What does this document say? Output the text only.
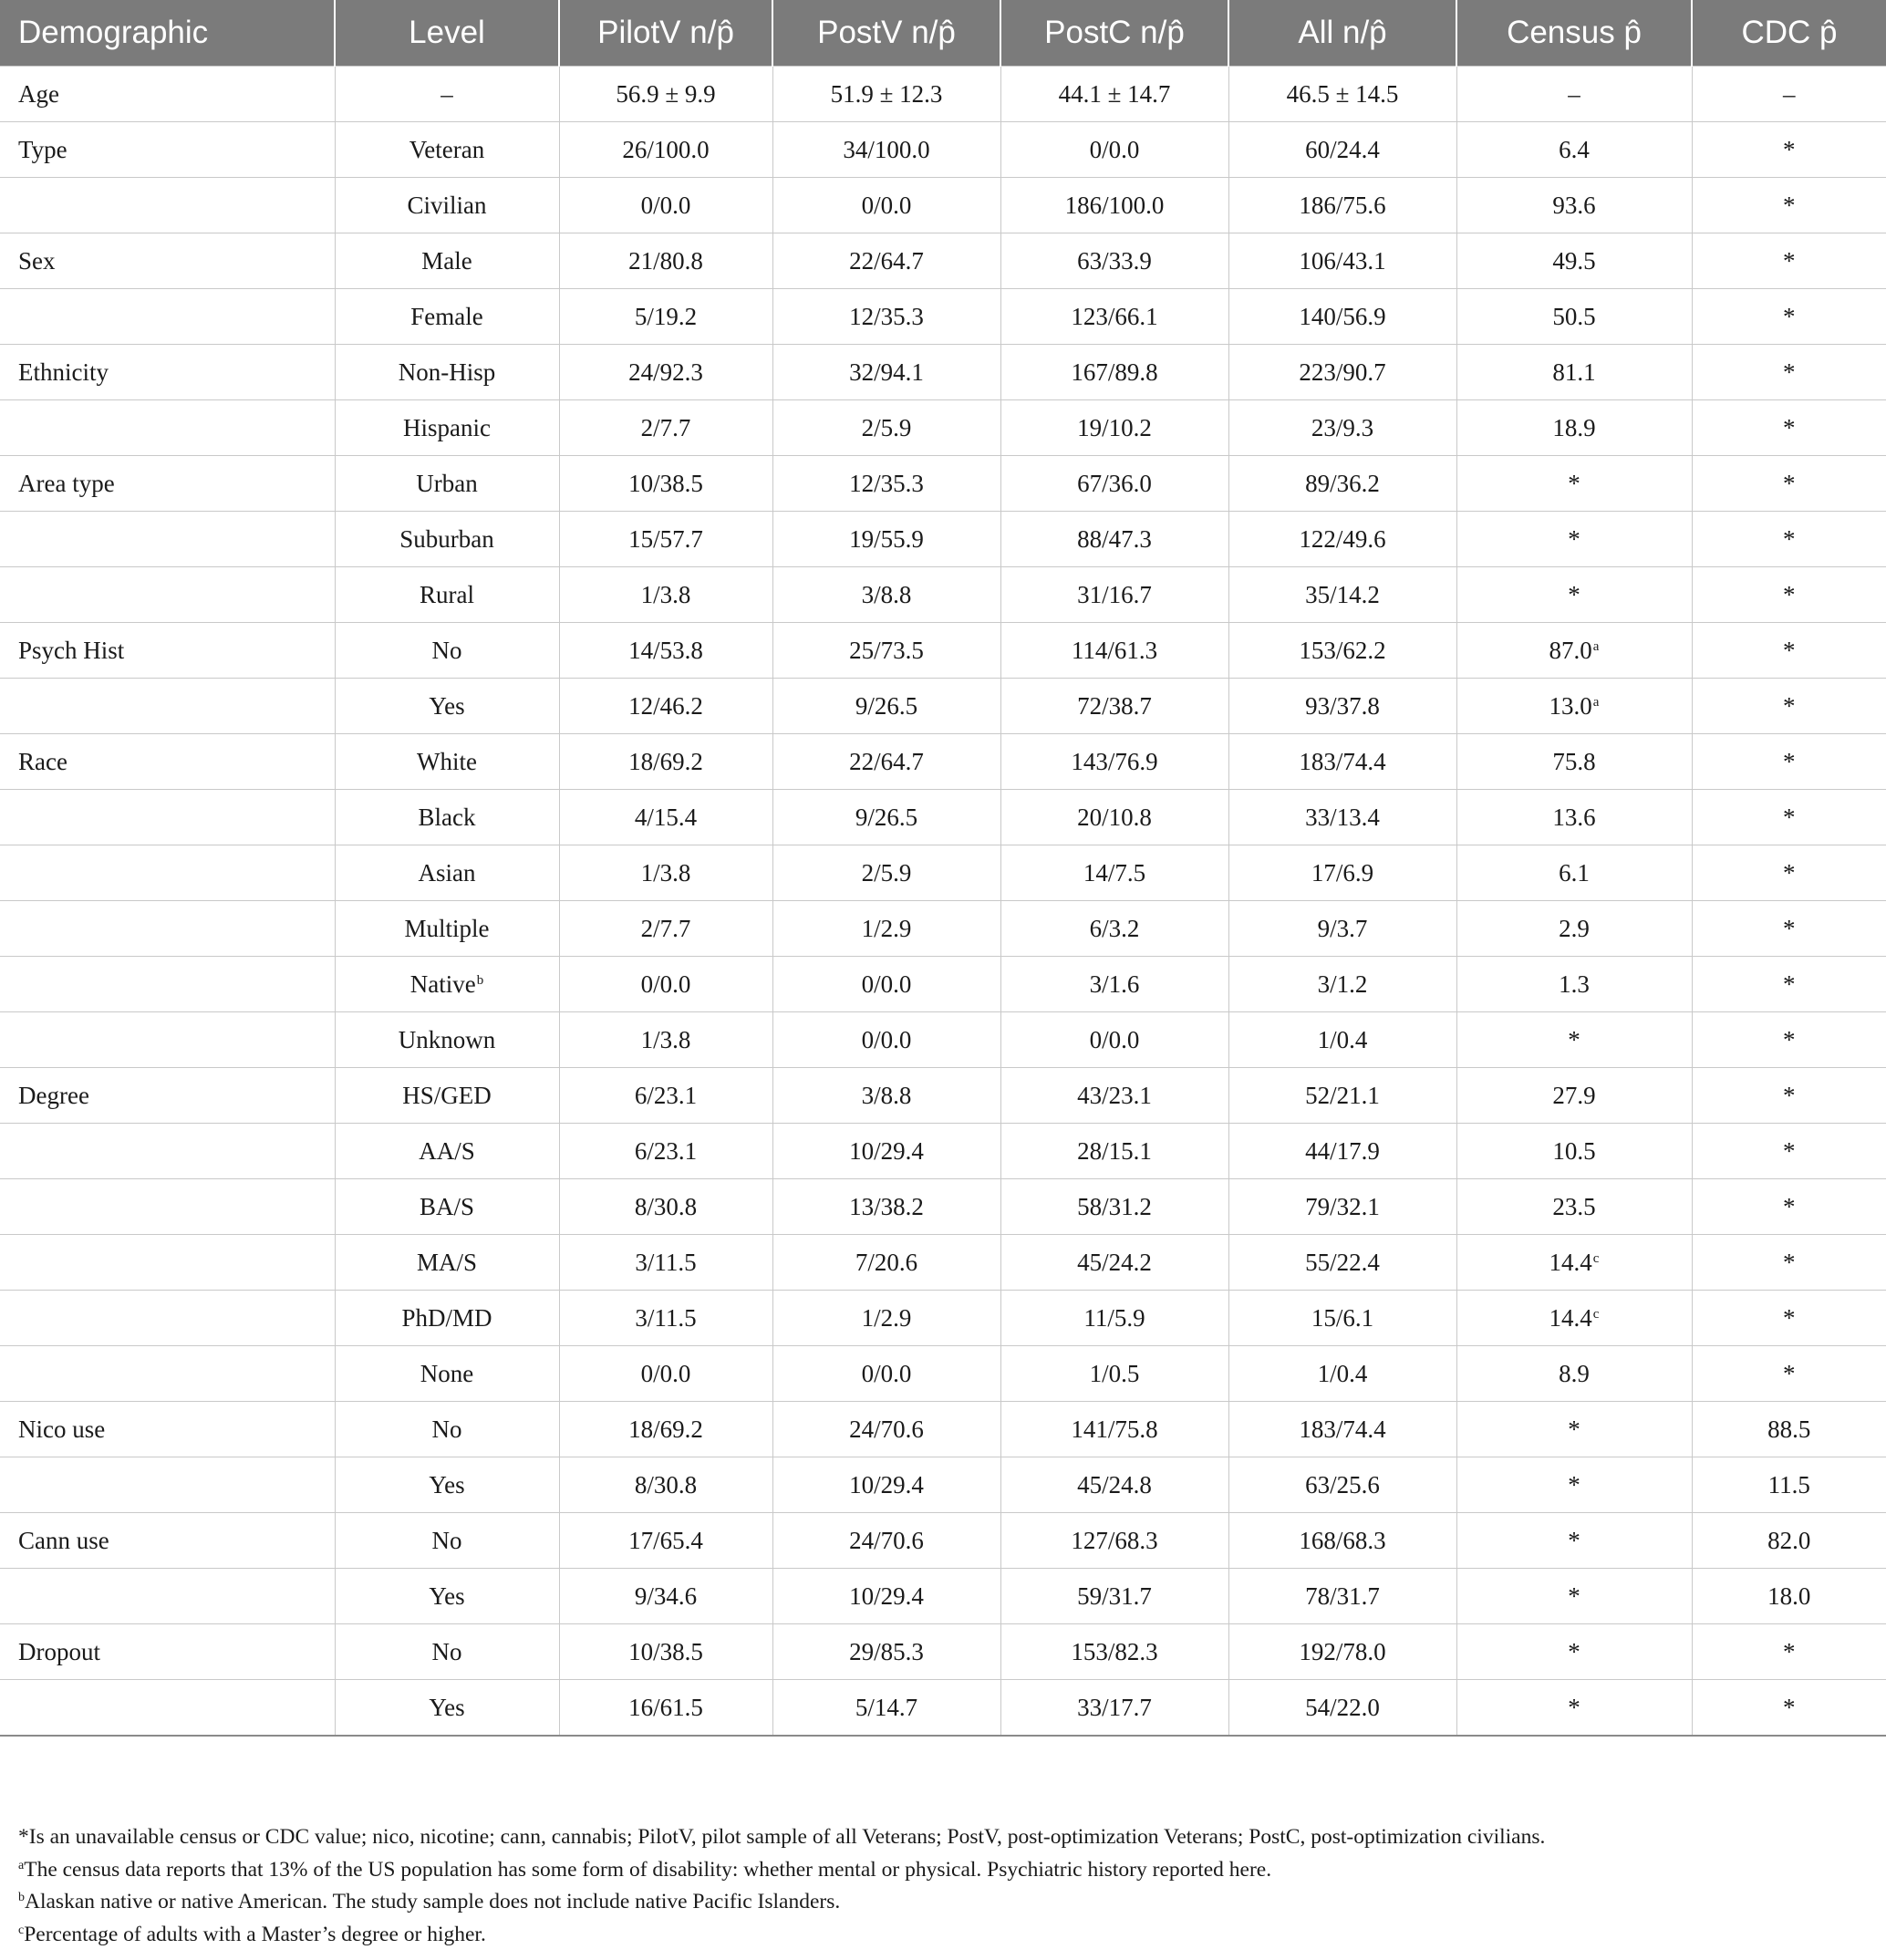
Demographic	Level	PilotV n/p̂	PostV n/p̂	PostC n/p̂	All n/p̂	Census p̂	CDC p̂
Age	–	56.9 ± 9.9	51.9 ± 12.3	44.1 ± 14.7	46.5 ± 14.5	–	–
Type	Veteran	26/100.0	34/100.0	0/0.0	60/24.4	6.4	*
	Civilian	0/0.0	0/0.0	186/100.0	186/75.6	93.6	*
Sex	Male	21/80.8	22/64.7	63/33.9	106/43.1	49.5	*
	Female	5/19.2	12/35.3	123/66.1	140/56.9	50.5	*
Ethnicity	Non-Hisp	24/92.3	32/94.1	167/89.8	223/90.7	81.1	*
	Hispanic	2/7.7	2/5.9	19/10.2	23/9.3	18.9	*
Area type	Urban	10/38.5	12/35.3	67/36.0	89/36.2	*	*
	Suburban	15/57.7	19/55.9	88/47.3	122/49.6	*	*
	Rural	1/3.8	3/8.8	31/16.7	35/14.2	*	*
Psych Hist	No	14/53.8	25/73.5	114/61.3	153/62.2	87.0$^a$	*
	Yes	12/46.2	9/26.5	72/38.7	93/37.8	13.0$^a$	*
Race	White	18/69.2	22/64.7	143/76.9	183/74.4	75.8	*
	Black	4/15.4	9/26.5	20/10.8	33/13.4	13.6	*
	Asian	1/3.8	2/5.9	14/7.5	17/6.9	6.1	*
	Multiple	2/7.7	1/2.9	6/3.2	9/3.7	2.9	*
	Native$^b$	0/0.0	0/0.0	3/1.6	3/1.2	1.3	*
	Unknown	1/3.8	0/0.0	0/0.0	1/0.4	*	*
Degree	HS/GED	6/23.1	3/8.8	43/23.1	52/21.1	27.9	*
	AA/S	6/23.1	10/29.4	28/15.1	44/17.9	10.5	*
	BA/S	8/30.8	13/38.2	58/31.2	79/32.1	23.5	*
	MA/S	3/11.5	7/20.6	45/24.2	55/22.4	14.4$^c$	*
	PhD/MD	3/11.5	1/2.9	11/5.9	15/6.1	14.4$^c$	*
	None	0/0.0	0/0.0	1/0.5	1/0.4	8.9	*
Nico use	No	18/69.2	24/70.6	141/75.8	183/74.4	*	88.5
	Yes	8/30.8	10/29.4	45/24.8	63/25.6	*	11.5
Cann use	No	17/65.4	24/70.6	127/68.3	168/68.3	*	82.0
	Yes	9/34.6	10/29.4	59/31.7	78/31.7	*	18.0
Dropout	No	10/38.5	29/85.3	153/82.3	192/78.0	*	*
	Yes	16/61.5	5/14.7	33/17.7	54/22.0	*	*
*Is an unavailable census or CDC value; nico, nicotine; cann, cannabis; PilotV, pilot sample of all Veterans; PostV, post-optimization Veterans; PostC, post-optimization civilians.
$^a$The census data reports that 13% of the US population has some form of disability: whether mental or physical. Psychiatric history reported here.
$^b$Alaskan native or native American. The study sample does not include native Pacific Islanders.
$^c$Percentage of adults with a Master’s degree or higher.
